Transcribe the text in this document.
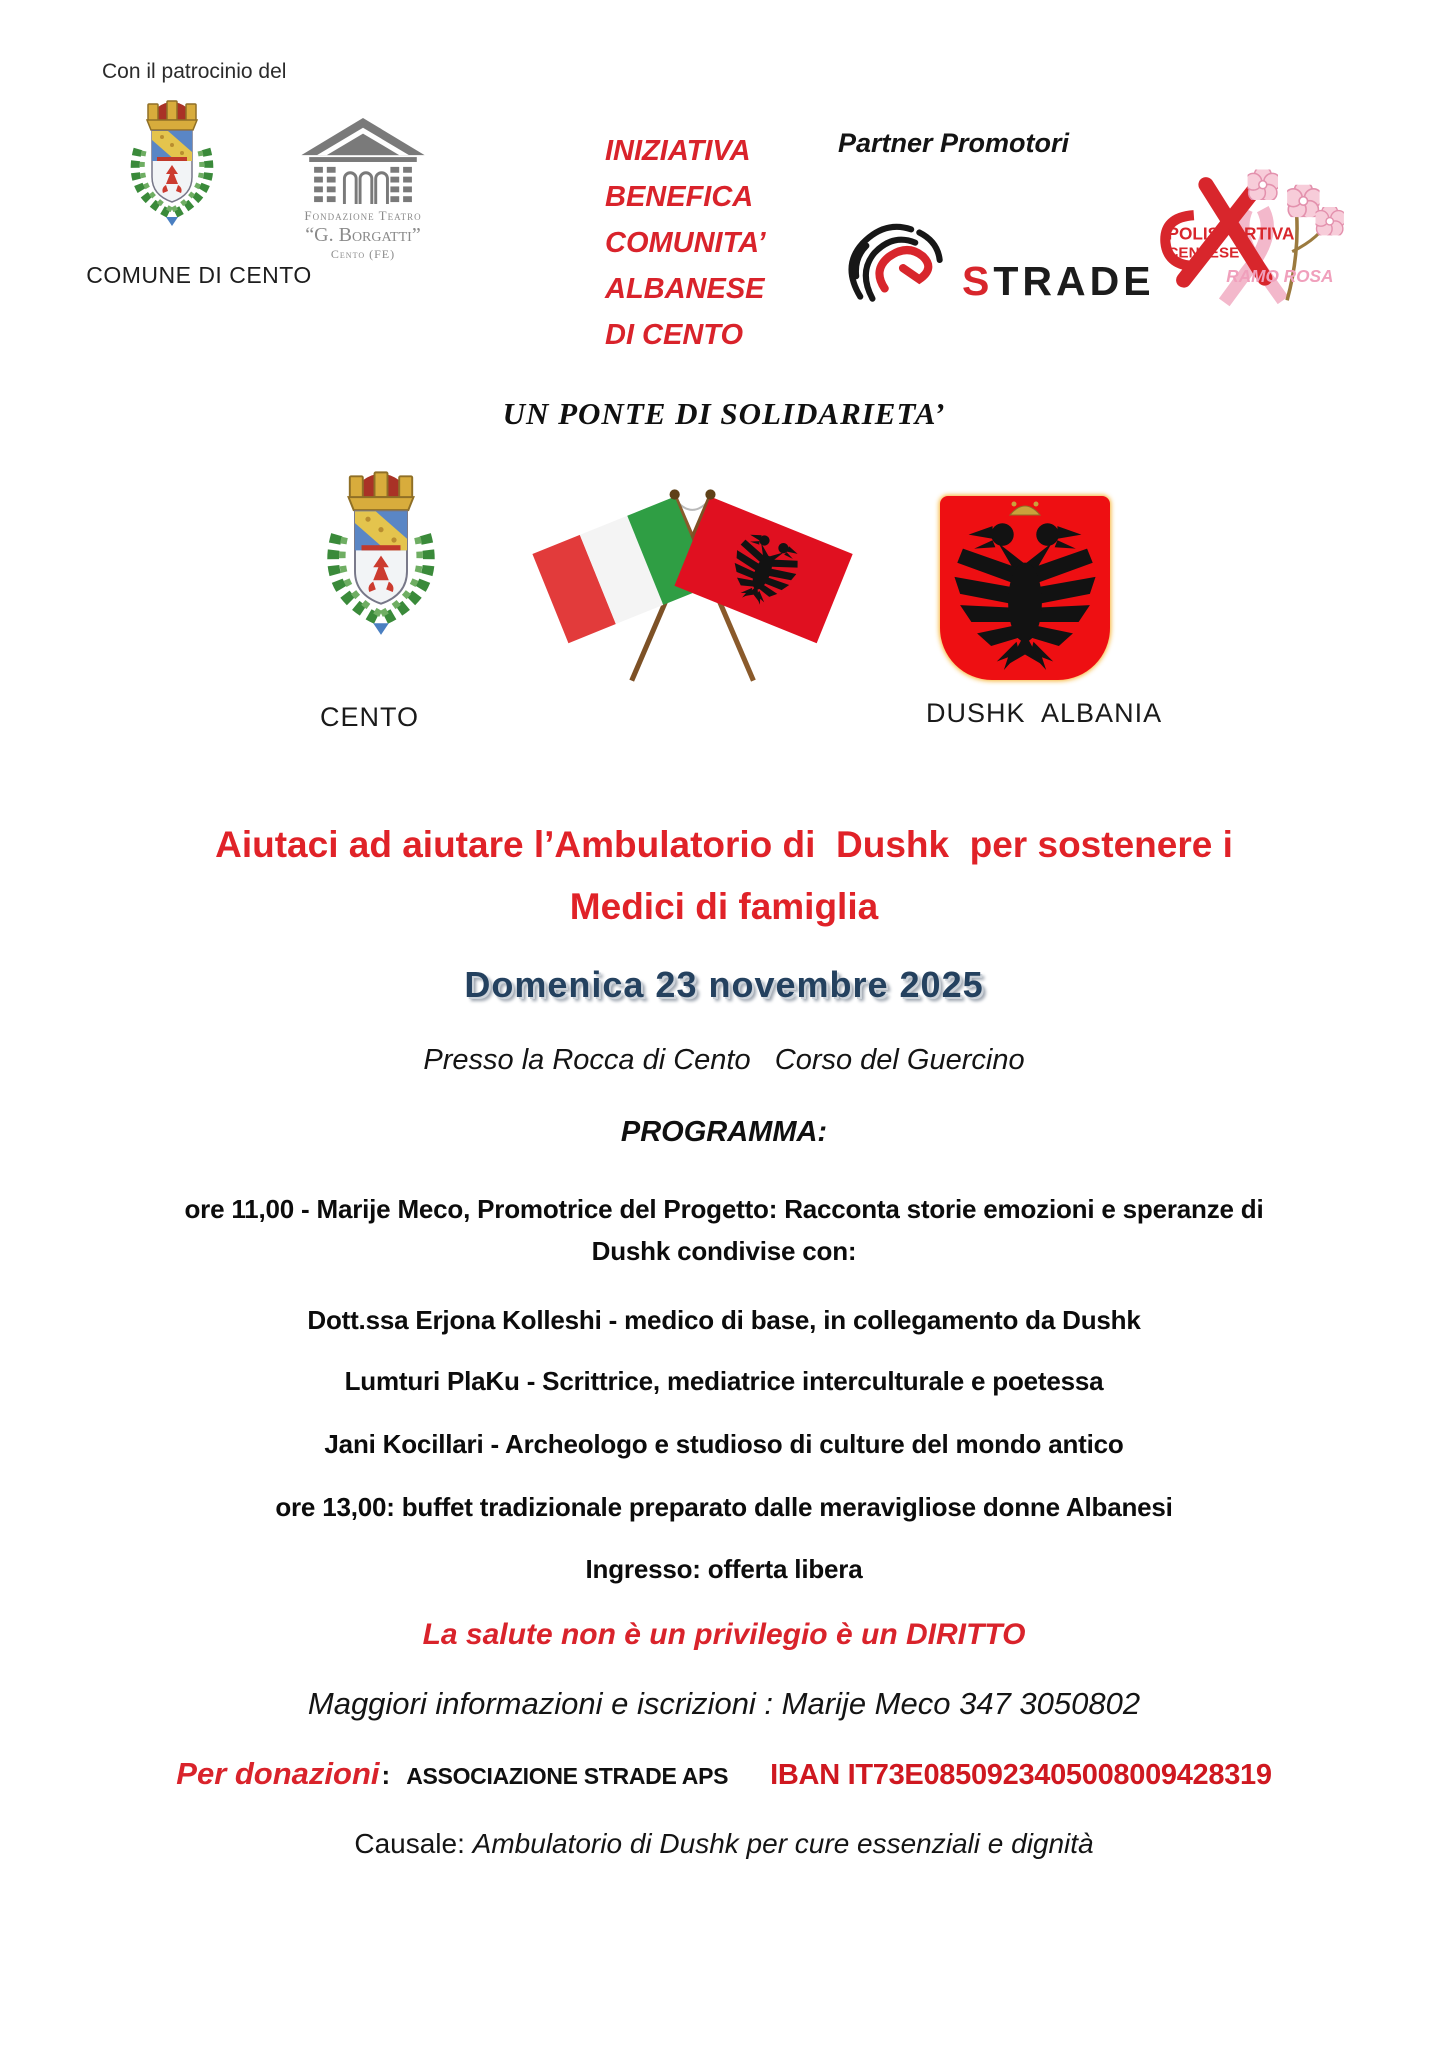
Con il patrocinio del
COMUNE DI CENTO
Fondazione Teatro
“G. Borgatti”
Cento (FE)
INIZIATIVA
BENEFICA
COMUNITA’
ALBANESE
DI CENTO
Partner Promotori
STRADE
POLISPORTIVA
CENTESE
RAMO ROSA
UN PONTE DI SOLIDARIETA’
CENTO	DUSHK  ALBANIA
Aiutaci ad aiutare l’Ambulatorio di  Dushk  per sostenere i
Medici di famiglia
Domenica 23 novembre 2025
Presso la Rocca di Cento   Corso del Guercino
PROGRAMMA:
ore 11,00 - Marije Meco, Promotrice del Progetto: Racconta storie emozioni e speranze di
Dushk condivise con:
Dott.ssa Erjona Kolleshi - medico di base, in collegamento da Dushk
Lumturi PlaKu - Scrittrice, mediatrice interculturale e poetessa
Jani Kocillari - Archeologo e studioso di culture del mondo antico
ore 13,00: buffet tradizionale preparato dalle meravigliose donne Albanesi
Ingresso: offerta libera
La salute non è un privilegio è un DIRITTO
Maggiori informazioni e iscrizioni : Marije Meco 347 3050802
Per donazioni : ASSOCIAZIONE STRADE APS IBAN IT73E0850923405008009428319
Causale: Ambulatorio di Dushk per cure essenziali e dignità
